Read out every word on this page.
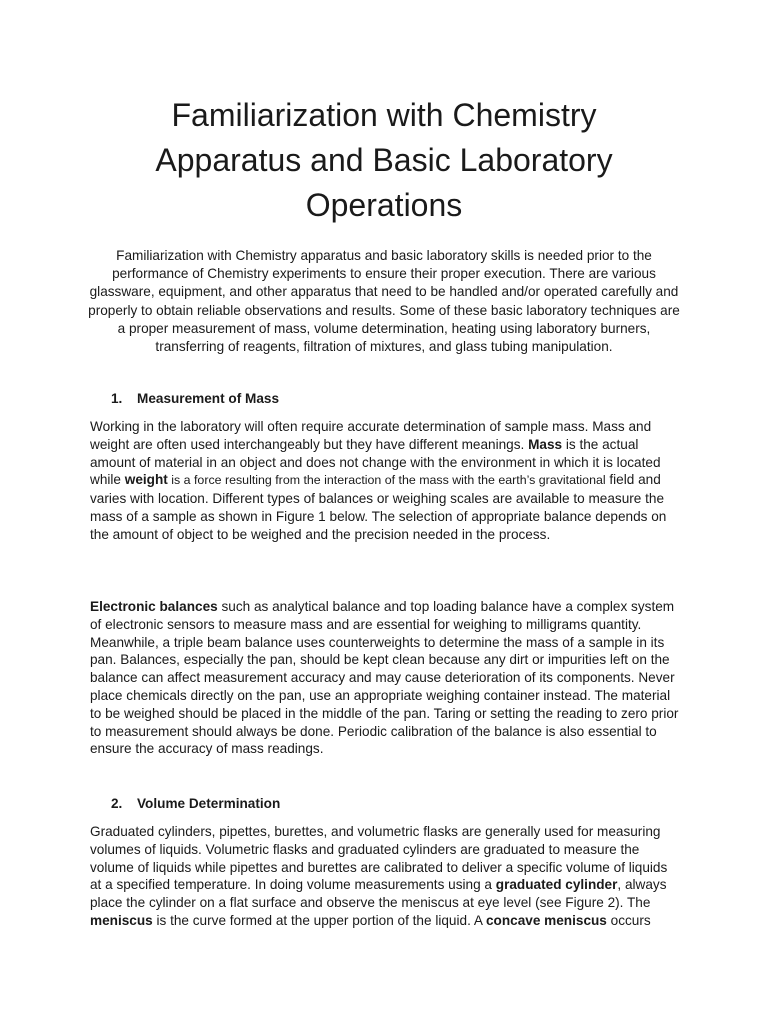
Familiarization with Chemistry
Apparatus and Basic Laboratory
Operations

Familiarization with Chemistry apparatus and basic laboratory skills is needed prior to the performance of Chemistry experiments to ensure their proper execution. There are various glassware, equipment, and other apparatus that need to be handled and/or operated carefully and properly to obtain reliable observations and results. Some of these basic laboratory techniques are a proper measurement of mass, volume determination, heating using laboratory burners, transferring of reagents, filtration of mixtures, and glass tubing manipulation.

1. Measurement of Mass

Working in the laboratory will often require accurate determination of sample mass. Mass and weight are often used interchangeably but they have different meanings. Mass is the actual amount of material in an object and does not change with the environment in which it is located while weight is a force resulting from the interaction of the mass with the earth’s gravitational field and varies with location. Different types of balances or weighing scales are available to measure the mass of a sample as shown in Figure 1 below. The selection of appropriate balance depends on the amount of object to be weighed and the precision needed in the process.

Electronic balances such as analytical balance and top loading balance have a complex system of electronic sensors to measure mass and are essential for weighing to milligrams quantity. Meanwhile, a triple beam balance uses counterweights to determine the mass of a sample in its pan. Balances, especially the pan, should be kept clean because any dirt or impurities left on the balance can affect measurement accuracy and may cause deterioration of its components. Never place chemicals directly on the pan, use an appropriate weighing container instead. The material to be weighed should be placed in the middle of the pan. Taring or setting the reading to zero prior to measurement should always be done. Periodic calibration of the balance is also essential to ensure the accuracy of mass readings.

2. Volume Determination

Graduated cylinders, pipettes, burettes, and volumetric flasks are generally used for measuring volumes of liquids. Volumetric flasks and graduated cylinders are graduated to measure the volume of liquids while pipettes and burettes are calibrated to deliver a specific volume of liquids at a specified temperature. In doing volume measurements using a graduated cylinder, always place the cylinder on a flat surface and observe the meniscus at eye level (see Figure 2). The meniscus is the curve formed at the upper portion of the liquid. A concave meniscus occurs
